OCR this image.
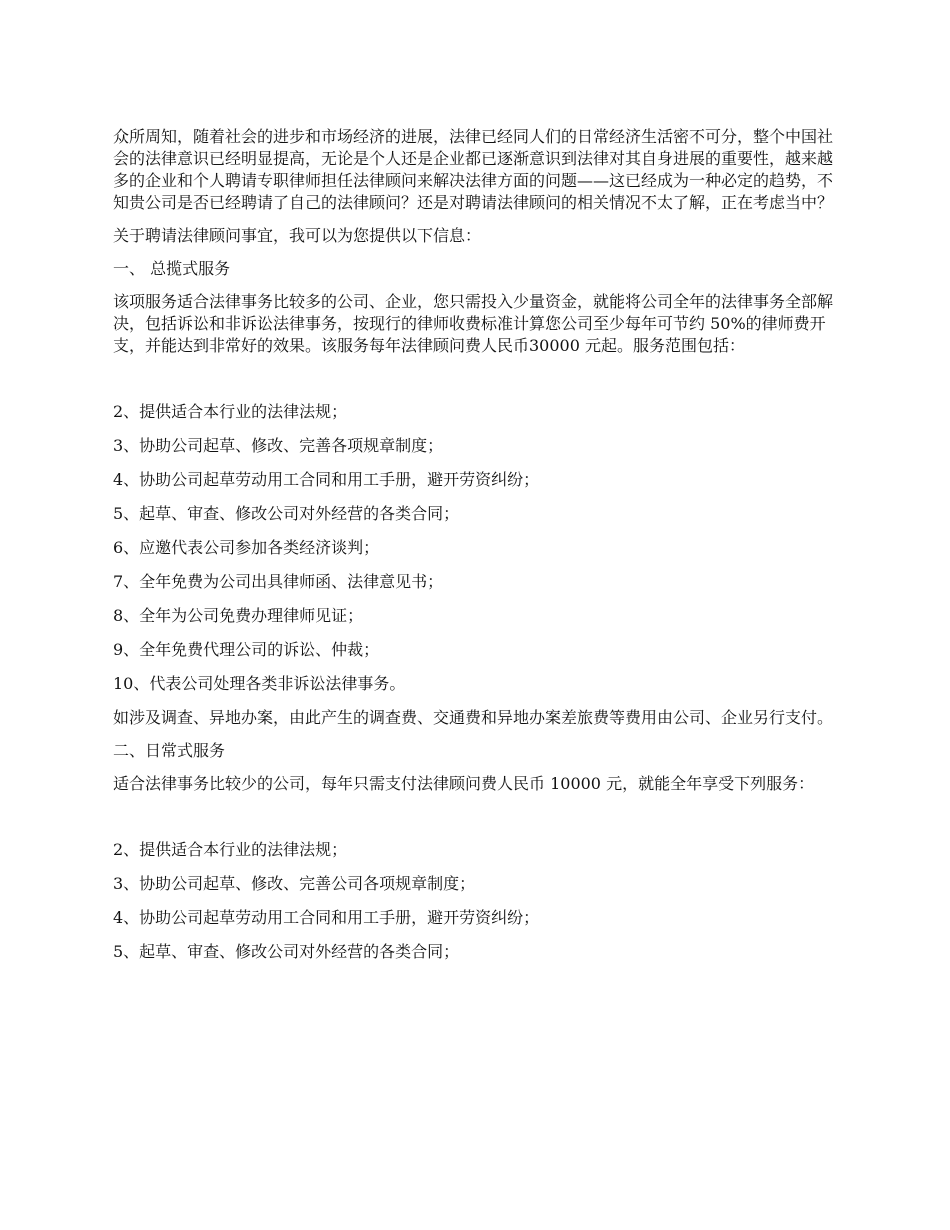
众所周知，随着社会的进步和市场经济的进展，法律已经同人们的日常经济生活密不可分，整个中国社会的法律意识已经明显提高，无论是个人还是企业都已逐渐意识到法律对其自身进展的重要性，越来越多的企业和个人聘请专职律师担任法律顾问来解决法律方面的问题——这已经成为一种必定的趋势，不知贵公司是否已经聘请了自己的法律顾问？还是对聘请法律顾问的相关情况不太了解，正在考虑当中？

关于聘请法律顾问事宜，我可以为您提供以下信息：

一、 总揽式服务

该项服务适合法律事务比较多的公司、企业，您只需投入少量资金，就能将公司全年的法律事务全部解决，包括诉讼和非诉讼法律事务，按现行的律师收费标准计算您公司至少每年可节约 50%的律师费开支，并能达到非常好的效果。该服务每年法律顾问费人民币30000 元起。服务范围包括：

2、提供适合本行业的法律法规；

3、协助公司起草、修改、完善各项规章制度；

4、协助公司起草劳动用工合同和用工手册，避开劳资纠纷；

5、起草、审查、修改公司对外经营的各类合同；

6、应邀代表公司参加各类经济谈判；

7、全年免费为公司出具律师函、法律意见书；

8、全年为公司免费办理律师见证；

9、全年免费代理公司的诉讼、仲裁；

10、代表公司处理各类非诉讼法律事务。

如涉及调查、异地办案，由此产生的调查费、交通费和异地办案差旅费等费用由公司、企业另行支付。

二、日常式服务

适合法律事务比较少的公司，每年只需支付法律顾问费人民币 10000 元，就能全年享受下列服务：

2、提供适合本行业的法律法规；

3、协助公司起草、修改、完善公司各项规章制度；

4、协助公司起草劳动用工合同和用工手册，避开劳资纠纷；

5、起草、审查、修改公司对外经营的各类合同；
